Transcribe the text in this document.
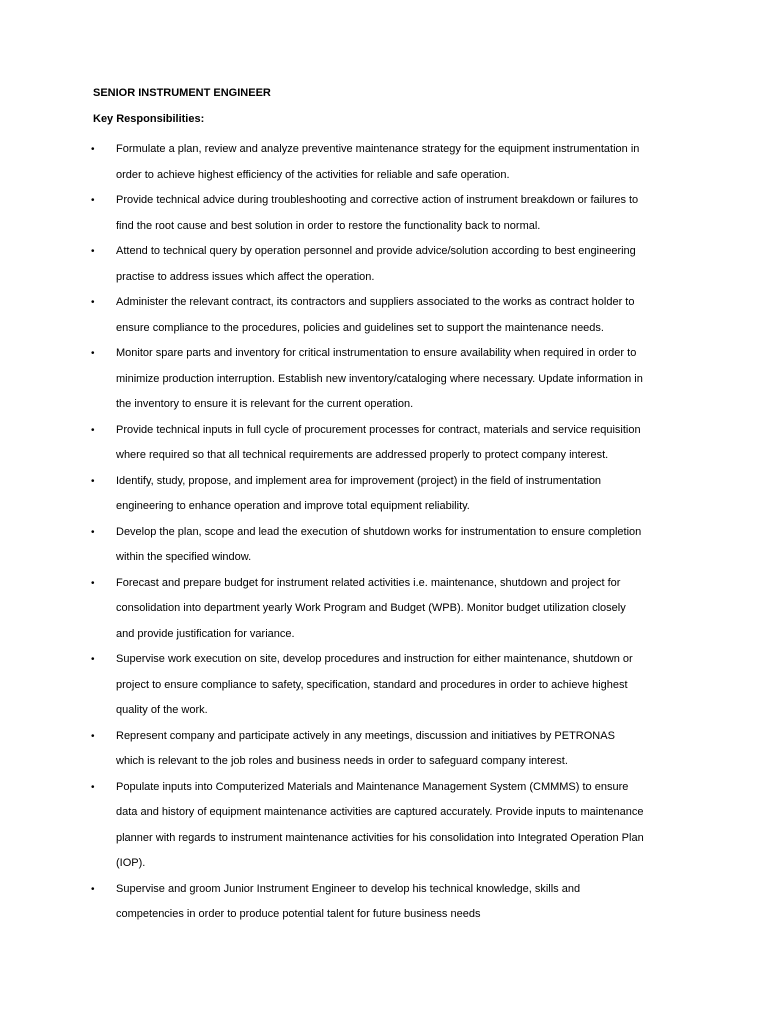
SENIOR INSTRUMENT ENGINEER

Key Responsibilities:

• Formulate a plan, review and analyze preventive maintenance strategy for the equipment instrumentation in
order to achieve highest efficiency of the activities for reliable and safe operation.
• Provide technical advice during troubleshooting and corrective action of instrument breakdown or failures to
find the root cause and best solution in order to restore the functionality back to normal.
• Attend to technical query by operation personnel and provide advice/solution according to best engineering
practise to address issues which affect the operation.
• Administer the relevant contract, its contractors and suppliers associated to the works as contract holder to
ensure compliance to the procedures, policies and guidelines set to support the maintenance needs.
• Monitor spare parts and inventory for critical instrumentation to ensure availability when required in order to
minimize production interruption. Establish new inventory/cataloging where necessary. Update information in
the inventory to ensure it is relevant for the current operation.
• Provide technical inputs in full cycle of procurement processes for contract, materials and service requisition
where required so that all technical requirements are addressed properly to protect company interest.
• Identify, study, propose, and implement area for improvement (project) in the field of instrumentation
engineering to enhance operation and improve total equipment reliability.
• Develop the plan, scope and lead the execution of shutdown works for instrumentation to ensure completion
within the specified window.
• Forecast and prepare budget for instrument related activities i.e. maintenance, shutdown and project for
consolidation into department yearly Work Program and Budget (WPB). Monitor budget utilization closely
and provide justification for variance.
• Supervise work execution on site, develop procedures and instruction for either maintenance, shutdown or
project to ensure compliance to safety, specification, standard and procedures in order to achieve highest
quality of the work.
• Represent company and participate actively in any meetings, discussion and initiatives by PETRONAS
which is relevant to the job roles and business needs in order to safeguard company interest.
• Populate inputs into Computerized Materials and Maintenance Management System (CMMMS) to ensure
data and history of equipment maintenance activities are captured accurately. Provide inputs to maintenance
planner with regards to instrument maintenance activities for his consolidation into Integrated Operation Plan
(IOP).
• Supervise and groom Junior Instrument Engineer to develop his technical knowledge, skills and
competencies in order to produce potential talent for future business needs
